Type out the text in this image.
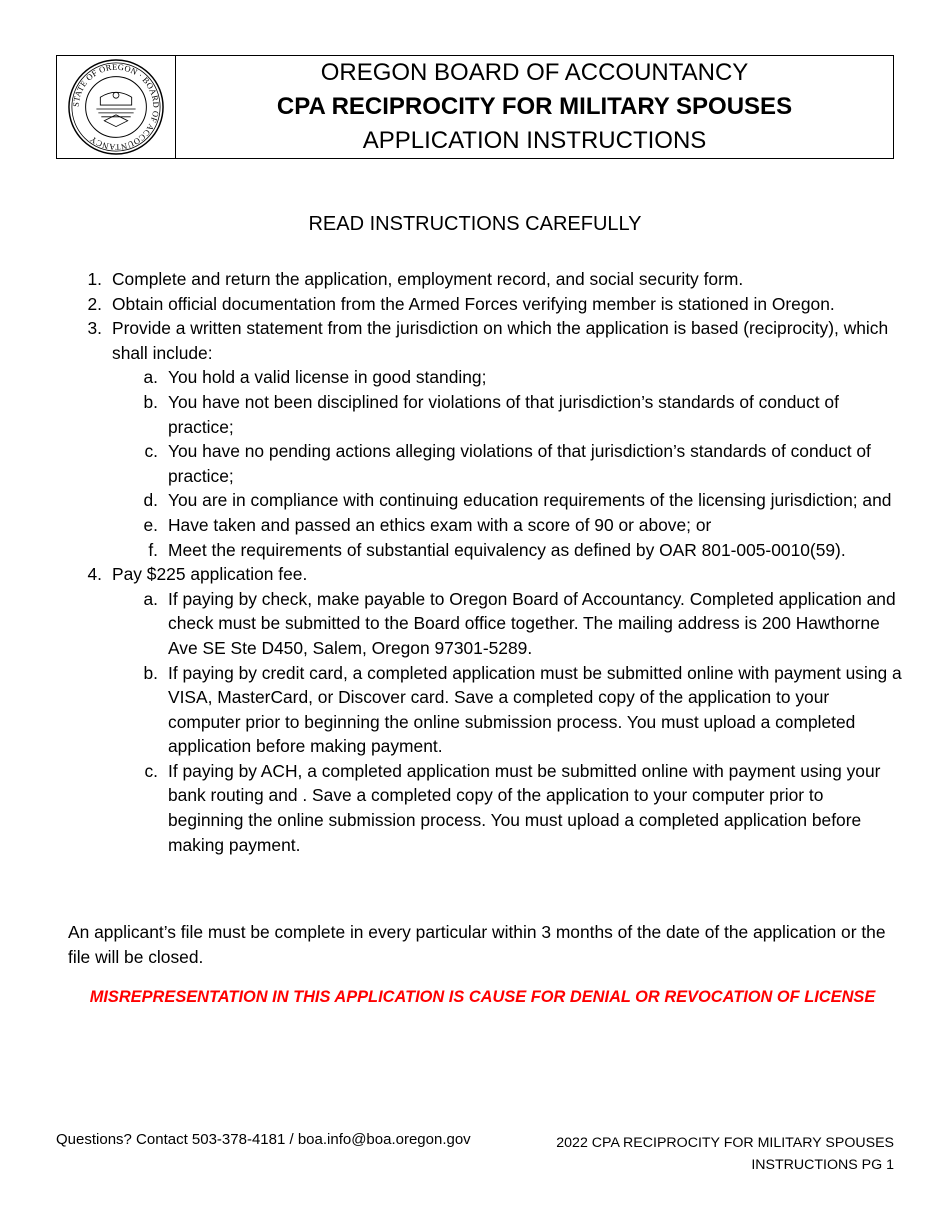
STATE OF OREGON · BOARD OF ACCOUNTANCY
OREGON BOARD OF ACCOUNTANCY
CPA RECIPROCITY FOR MILITARY SPOUSES
APPLICATION INSTRUCTIONS
READ INSTRUCTIONS CAREFULLY
1. Complete and return the application, employment record, and social security form.
2. Obtain official documentation from the Armed Forces verifying member is stationed in Oregon.
3. Provide a written statement from the jurisdiction on which the application is based (reciprocity), which shall include:
a. You hold a valid license in good standing;
b. You have not been disciplined for violations of that jurisdiction’s standards of conduct of practice;
c. You have no pending actions alleging violations of that jurisdiction’s standards of conduct of practice;
d. You are in compliance with continuing education requirements of the licensing jurisdiction; and
e. Have taken and passed an ethics exam with a score of 90 or above; or
f. Meet the requirements of substantial equivalency as defined by OAR 801-005-0010(59).
4. Pay $225 application fee.
a. If paying by check, make payable to Oregon Board of Accountancy. Completed application and check must be submitted to the Board office together. The mailing address is 200 Hawthorne Ave SE Ste D450, Salem, Oregon 97301-5289.
b. If paying by credit card, a completed application must be submitted online with payment using a VISA, MasterCard, or Discover card. Save a completed copy of the application to your computer prior to beginning the online submission process. You must upload a completed application before making payment.
c. If paying by ACH, a completed application must be submitted online with payment using your bank routing and . Save a completed copy of the application to your computer prior to beginning the online submission process. You must upload a completed application before making payment.
An applicant’s file must be complete in every particular within 3 months of the date of the application or the file will be closed.
MISREPRESENTATION IN THIS APPLICATION IS CAUSE FOR DENIAL OR REVOCATION OF LICENSE
Questions? Contact 503-378-4181 / boa.info@boa.oregon.gov	2022 CPA RECIPROCITY FOR MILITARY SPOUSES
INSTRUCTIONS PG 1
